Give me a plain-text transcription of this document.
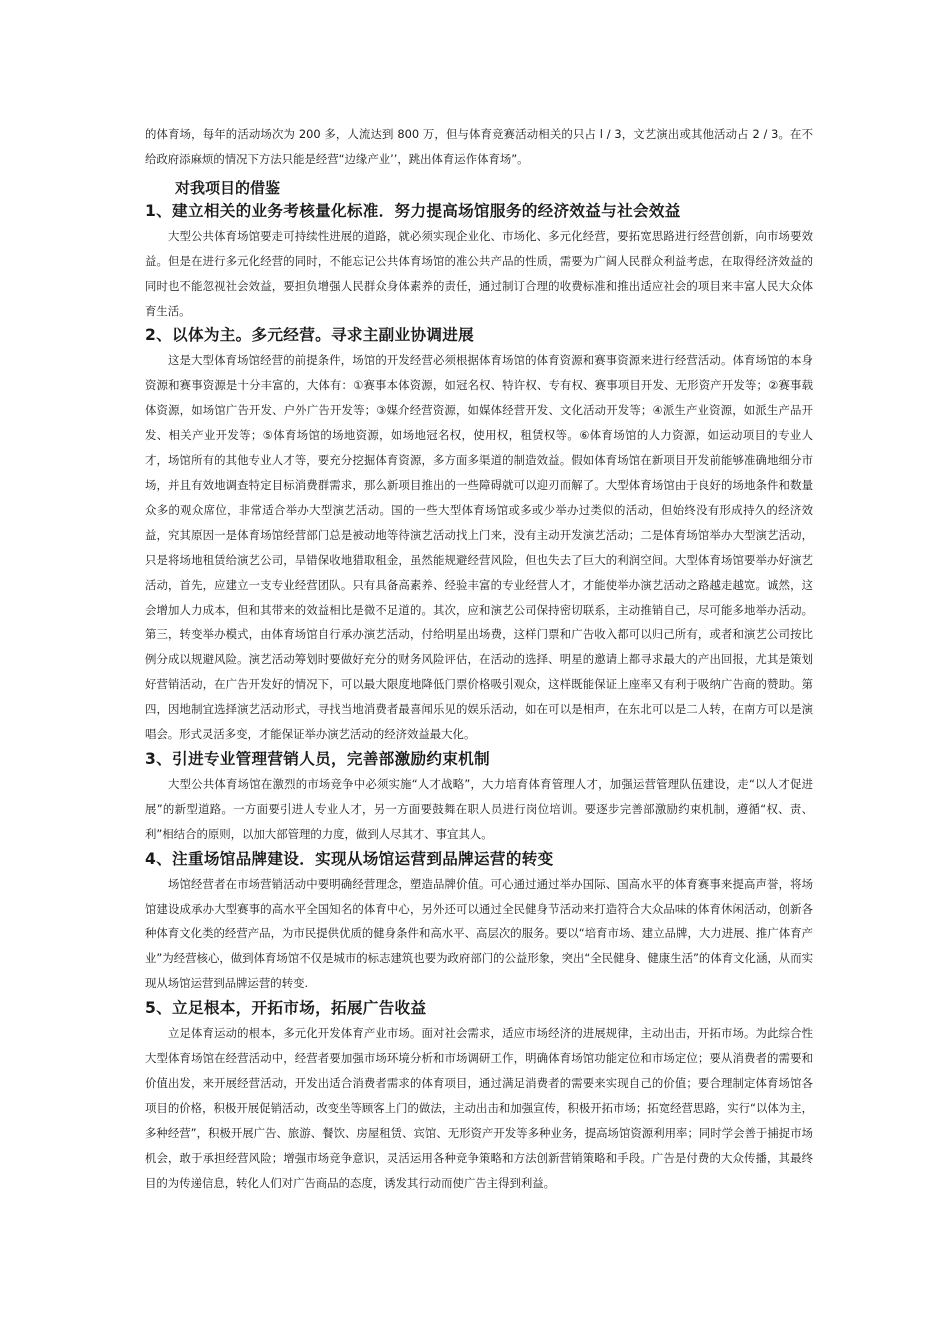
的体育场，每年的活动场次为 200 多，人流达到 800 万，但与体育竞赛活动相关的只占 l / 3，文艺演出或其他活动占 2 / 3。在不给政府添麻烦的情况下方法只能是经营“边缘产业’’，跳出体育运作体育场”。

对我项目的借鉴

1、建立相关的业务考核量化标准．努力提高场馆服务的经济效益与社会效益

大型公共体育场馆要走可持续性进展的道路，就必须实现企业化、市场化、多元化经营，要拓宽思路进行经营创新，向市场要效益。但是在进行多元化经营的同时，不能忘记公共体育场馆的准公共产品的性质，需要为广阔人民群众利益考虑，在取得经济效益的同时也不能忽视社会效益，要担负增强人民群众身体素养的责任，通过制订合理的收费标准和推出适应社会的项目来丰富人民大众体育生活。

2、以体为主。多元经营。寻求主副业协调进展

这是大型体育场馆经营的前提条件，场馆的开发经营必须根据体育场馆的体育资源和赛事资源来进行经营活动。体育场馆的本身资源和赛事资源是十分丰富的，大体有：①赛事本体资源，如冠名权、特许权、专有权、赛事项目开发、无形资产开发等；②赛事载体资源，如场馆广告开发、户外广告开发等；③媒介经营资源，如媒体经营开发、文化活动开发等；④派生产业资源，如派生产品开发、相关产业开发等；⑤体育场馆的场地资源，如场地冠名权，使用权，租赁权等。⑥体育场馆的人力资源，如运动项目的专业人才，场馆所有的其他专业人才等，要充分挖掘体育资源，多方面多渠道的制造效益。假如体育场馆在新项目开发前能够准确地细分市场，并且有效地调查特定目标消费群需求，那么新项目推出的一些障碍就可以迎刃而解了。大型体育场馆由于良好的场地条件和数量众多的观众席位，非常适合举办大型演艺活动。国的一些大型体育场馆或多或少举办过类似的活动，但始终没有形成持久的经济效益，究其原因一是体育场馆经营部门总是被动地等待演艺活动找上门来，没有主动开发演艺活动；二是体育场馆举办大型演艺活动，只是将场地租赁给演艺公司，旱错保收地猎取租金，虽然能规避经营风险，但也失去了巨大的利润空间。大型体育场馆要举办好演艺活动，首先，应建立一支专业经营团队。只有具备高素养、经验丰富的专业经营人才，才能使举办演艺活动之路越走越宽。诚然，这会增加人力成本，但和其带来的效益相比是微不足道的。其次，应和演艺公司保持密切联系，主动推销自己，尽可能多地举办活动。第三，转变举办模式，由体育场馆自行承办演艺活动，付给明星出场费，这样门票和广告收入都可以归己所有，或者和演艺公司按比例分成以规避风险。演艺活动筹划时要做好充分的财务风险评估，在活动的选择、明星的邀请上都寻求最大的产出回报，尤其是策划好营销活动，在广告开发好的情况下，可以最大限度地降低门票价格吸引观众，这样既能保证上座率又有利于吸纳广告商的赞助。第四，因地制宜选择演艺活动形式，寻找当地消费者最喜闻乐见的娱乐活动，如在可以是相声，在东北可以是二人转，在南方可以是演唱会。形式灵活多变，才能保证举办演艺活动的经济效益最大化。

3、引进专业管理营销人员，完善部激励约束机制

大型公共体育场馆在激烈的市场竞争中必须实施“人才战略”，大力培育体育管理人才，加强运营管理队伍建设，走“以人才促进展”的新型道路。一方面要引进人专业人才，另一方面要鼓舞在职人员进行岗位培训。要逐步完善部激励约束机制，遵循“权、责、利”相结合的原则，以加大部管理的力度，做到人尽其才、事宜其人。

4、注重场馆品牌建设．实现从场馆运营到品牌运营的转变

场馆经营者在市场营销活动中要明确经营理念，塑造品牌价值。可心通过通过举办国际、国高水平的体育赛事来提高声誉，将场馆建设成承办大型赛事的高水平全国知名的体育中心，另外还可以通过全民健身节活动来打造符合大众品味的体育休闲活动，创新各种体育文化类的经营产品，为市民提供优质的健身条件和高水平、高层次的服务。要以“培育市场、建立品牌，大力进展、推广体育产业”为经营核心，做到体育场馆不仅是城市的标志建筑也要为政府部门的公益形象，突出“全民健身、健康生活”的体育文化涵，从而实现从场馆运营到品牌运营的转变.

5、立足根本，开拓市场，拓展广告收益

立足体育运动的根本，多元化开发体育产业市场。面对社会需求，适应市场经济的进展规律，主动出击，开拓市场。为此综合性大型体育场馆在经营活动中，经营者要加强市场环境分析和市场调研工作，明确体育场馆功能定位和市场定位；要从消费者的需要和价值出发，来开展经营活动，开发出适合消费者需求的体育项目，通过满足消费者的需要来实现自己的价值；要合理制定体育场馆各项目的价格，积极开展促销活动，改变坐等顾客上门的做法，主动出击和加强宣传，积极开拓市场；拓宽经营思路，实行“以体为主，多种经营”，积极开展广告、旅游、餐饮、房屋租赁、宾馆、无形资产开发等多种业务，提高场馆资源利用率；同时学会善于捕捉市场机会，敢于承担经营风险；增强市场竞争意识，灵活运用各种竞争策略和方法创新营销策略和手段。广告是付费的大众传播，其最终目的为传递信息，转化人们对广告商品的态度，诱发其行动而使广告主得到利益。
